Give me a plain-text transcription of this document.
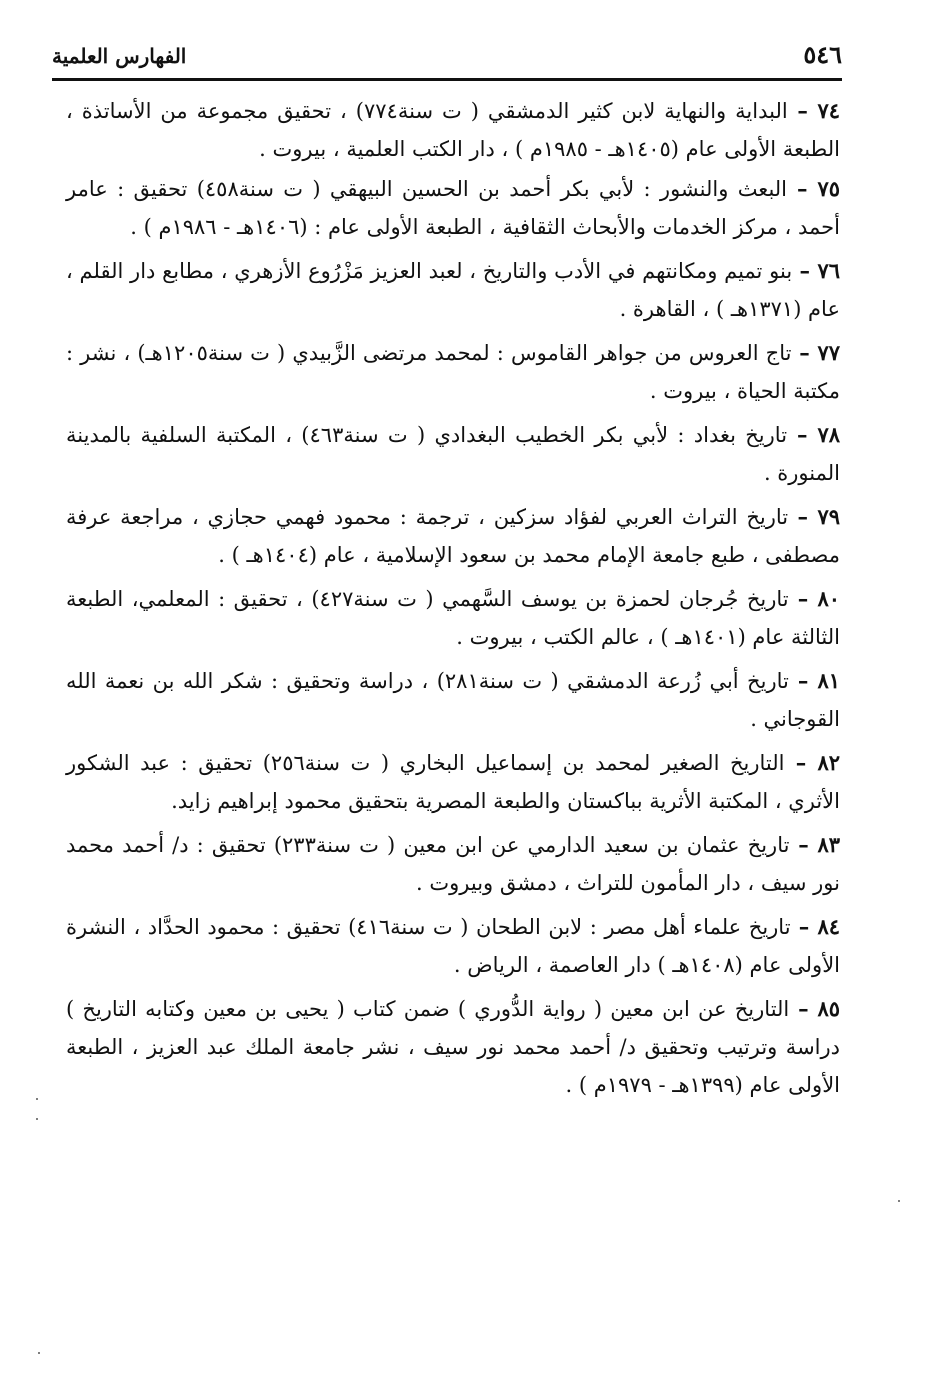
٥٤٦
الفهارس العلمية

٧٤ – البداية والنهاية لابن كثير الدمشقي ( ت سنة٧٧٤) ، تحقيق مجموعة من الأساتذة ، الطبعة الأولى عام (١٤٠٥هـ - ١٩٨٥م ) ، دار الكتب العلمية ، بيروت .

٧٥ – البعث والنشور : لأبي بكر أحمد بن الحسين البيهقي ( ت سنة٤٥٨) تحقيق : عامر أحمد ، مركز الخدمات والأبحاث الثقافية ، الطبعة الأولى عام : (١٤٠٦هـ - ١٩٨٦م ) .

٧٦ – بنو تميم ومكانتهم في الأدب والتاريخ ، لعبد العزيز مَزْرُوع الأزهري ، مطابع دار القلم ، عام (١٣٧١هـ ) ، القاهرة .

٧٧ – تاج العروس من جواهر القاموس : لمحمد مرتضى الزَّبيدي ( ت سنة١٢٠٥هـ) ، نشر : مكتبة الحياة ، بيروت .

٧٨ – تاريخ بغداد : لأبي بكر الخطيب البغدادي ( ت سنة٤٦٣) ، المكتبة السلفية بالمدينة المنورة .

٧٩ – تاريخ التراث العربي لفؤاد سزكين ، ترجمة : محمود فهمي حجازي ، مراجعة عرفة مصطفى ، طبع جامعة الإمام محمد بن سعود الإسلامية ، عام (١٤٠٤هـ ) .

٨٠ – تاريخ جُرجان لحمزة بن يوسف السَّهمي ( ت سنة٤٢٧) ، تحقيق : المعلمي، الطبعة الثالثة عام (١٤٠١هـ ) ، عالم الكتب ، بيروت .

٨١ – تاريخ أبي زُرعة الدمشقي ( ت سنة٢٨١) ، دراسة وتحقيق : شكر الله بن نعمة الله القوجاني .

٨٢ – التاريخ الصغير لمحمد بن إسماعيل البخاري ( ت سنة٢٥٦) تحقيق : عبد الشكور الأثري ، المكتبة الأثرية بباكستان والطبعة المصرية بتحقيق محمود إبراهيم زايد.

٨٣ – تاريخ عثمان بن سعيد الدارمي عن ابن معين ( ت سنة٢٣٣) تحقيق : د/ أحمد محمد نور سيف ، دار المأمون للتراث ، دمشق وبيروت .

٨٤ – تاريخ علماء أهل مصر : لابن الطحان ( ت سنة٤١٦) تحقيق : محمود الحدَّاد ، النشرة الأولى عام (١٤٠٨هـ ) دار العاصمة ، الرياض .

٨٥ – التاريخ عن ابن معين ( رواية الدُّوري ) ضمن كتاب ( يحيى بن معين وكتابه التاريخ ) دراسة وترتيب وتحقيق د/ أحمد محمد نور سيف ، نشر جامعة الملك عبد العزيز ، الطبعة الأولى عام (١٣٩٩هـ - ١٩٧٩م ) .
